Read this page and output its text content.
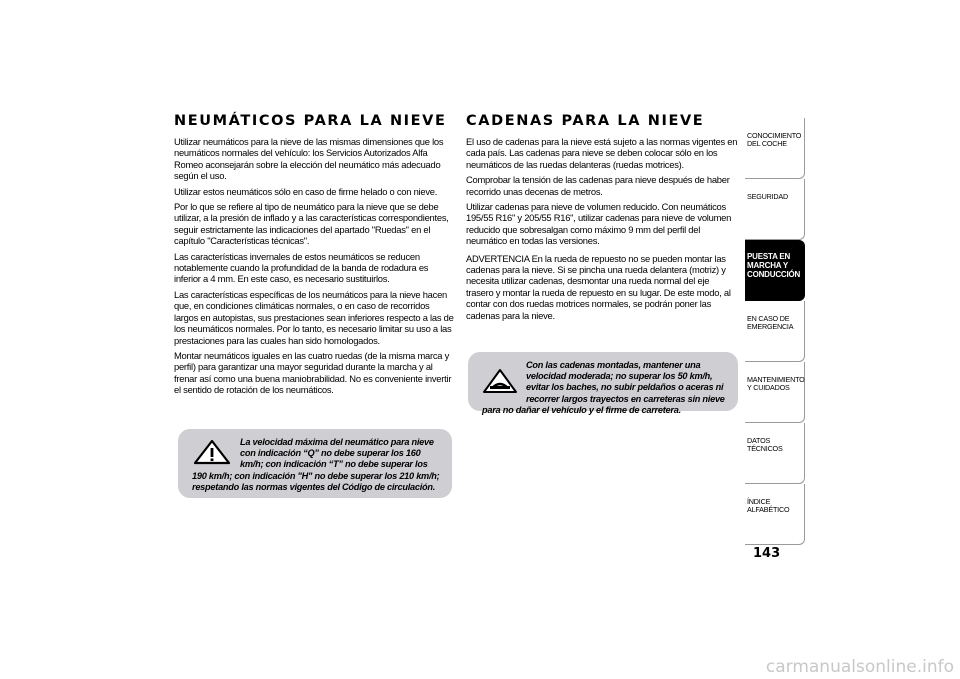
NEUMÁTICOS PARA LA NIEVE

Utilizar neumáticos para la nieve de las mismas dimensiones que los neumáticos normales del vehículo: los Servicios Autorizados Alfa Romeo aconsejarán sobre la elección del neumático más adecuado según el uso.

Utilizar estos neumáticos sólo en caso de firme helado o con nieve.

Por lo que se refiere al tipo de neumático para la nieve que se debe utilizar, a la presión de inflado y a las características correspondientes, seguir estrictamente las indicaciones del apartado "Ruedas" en el capítulo "Características técnicas".

Las características invernales de estos neumáticos se reducen notablemente cuando la profundidad de la banda de rodadura es inferior a 4 mm. En este caso, es necesario sustituirlos.

Las características específicas de los neumáticos para la nieve hacen que, en condiciones climáticas normales, o en caso de recorridos largos en autopistas, sus prestaciones sean inferiores respecto a las de los neumáticos normales. Por lo tanto, es necesario limitar su uso a las prestaciones para las cuales han sido homologados.

Montar neumáticos iguales en las cuatro ruedas (de la misma marca y perfil) para garantizar una mayor seguridad durante la marcha y al frenar así como una buena maniobrabilidad. No es conveniente invertir el sentido de rotación de los neumáticos.

La velocidad máxima del neumático para nieve con indicación “Q” no debe superar los 160 km/h; con indicación “T” no debe superar los 190 km/h; con indicación "H" no debe superar los 210 km/h; respetando las normas vigentes del Código de circulación.

CADENAS PARA LA NIEVE

El uso de cadenas para la nieve está sujeto a las normas vigentes en cada país. Las cadenas para nieve se deben colocar sólo en los neumáticos de las ruedas delanteras (ruedas motrices).

Comprobar la tensión de las cadenas para nieve después de haber recorrido unas decenas de metros.

Utilizar cadenas para nieve de volumen reducido. Con neumáticos 195/55 R16" y 205/55 R16", utilizar cadenas para nieve de volumen reducido que sobresalgan como máximo 9 mm del perfil del neumático en todas las versiones.

ADVERTENCIA En la rueda de repuesto no se pueden montar las cadenas para la nieve. Si se pincha una rueda delantera (motriz) y necesita utilizar cadenas, desmontar una rueda normal del eje trasero y montar la rueda de repuesto en su lugar. De este modo, al contar con dos ruedas motrices normales, se podrán poner las cadenas para la nieve.

Con las cadenas montadas, mantener una velocidad moderada; no superar los 50 km/h, evitar los baches, no subir peldaños o aceras ni recorrer largos trayectos en carreteras sin nieve para no dañar el vehículo y el firme de carretera.

CONOCIMIENTO DEL COCHE
SEGURIDAD
PUESTA EN MARCHA Y CONDUCCIÓN
EN CASO DE EMERGENCIA
MANTENIMIENTO Y CUIDADOS
DATOS TÉCNICOS
ÍNDICE ALFABÉTICO
143
carmanualsonline.info
